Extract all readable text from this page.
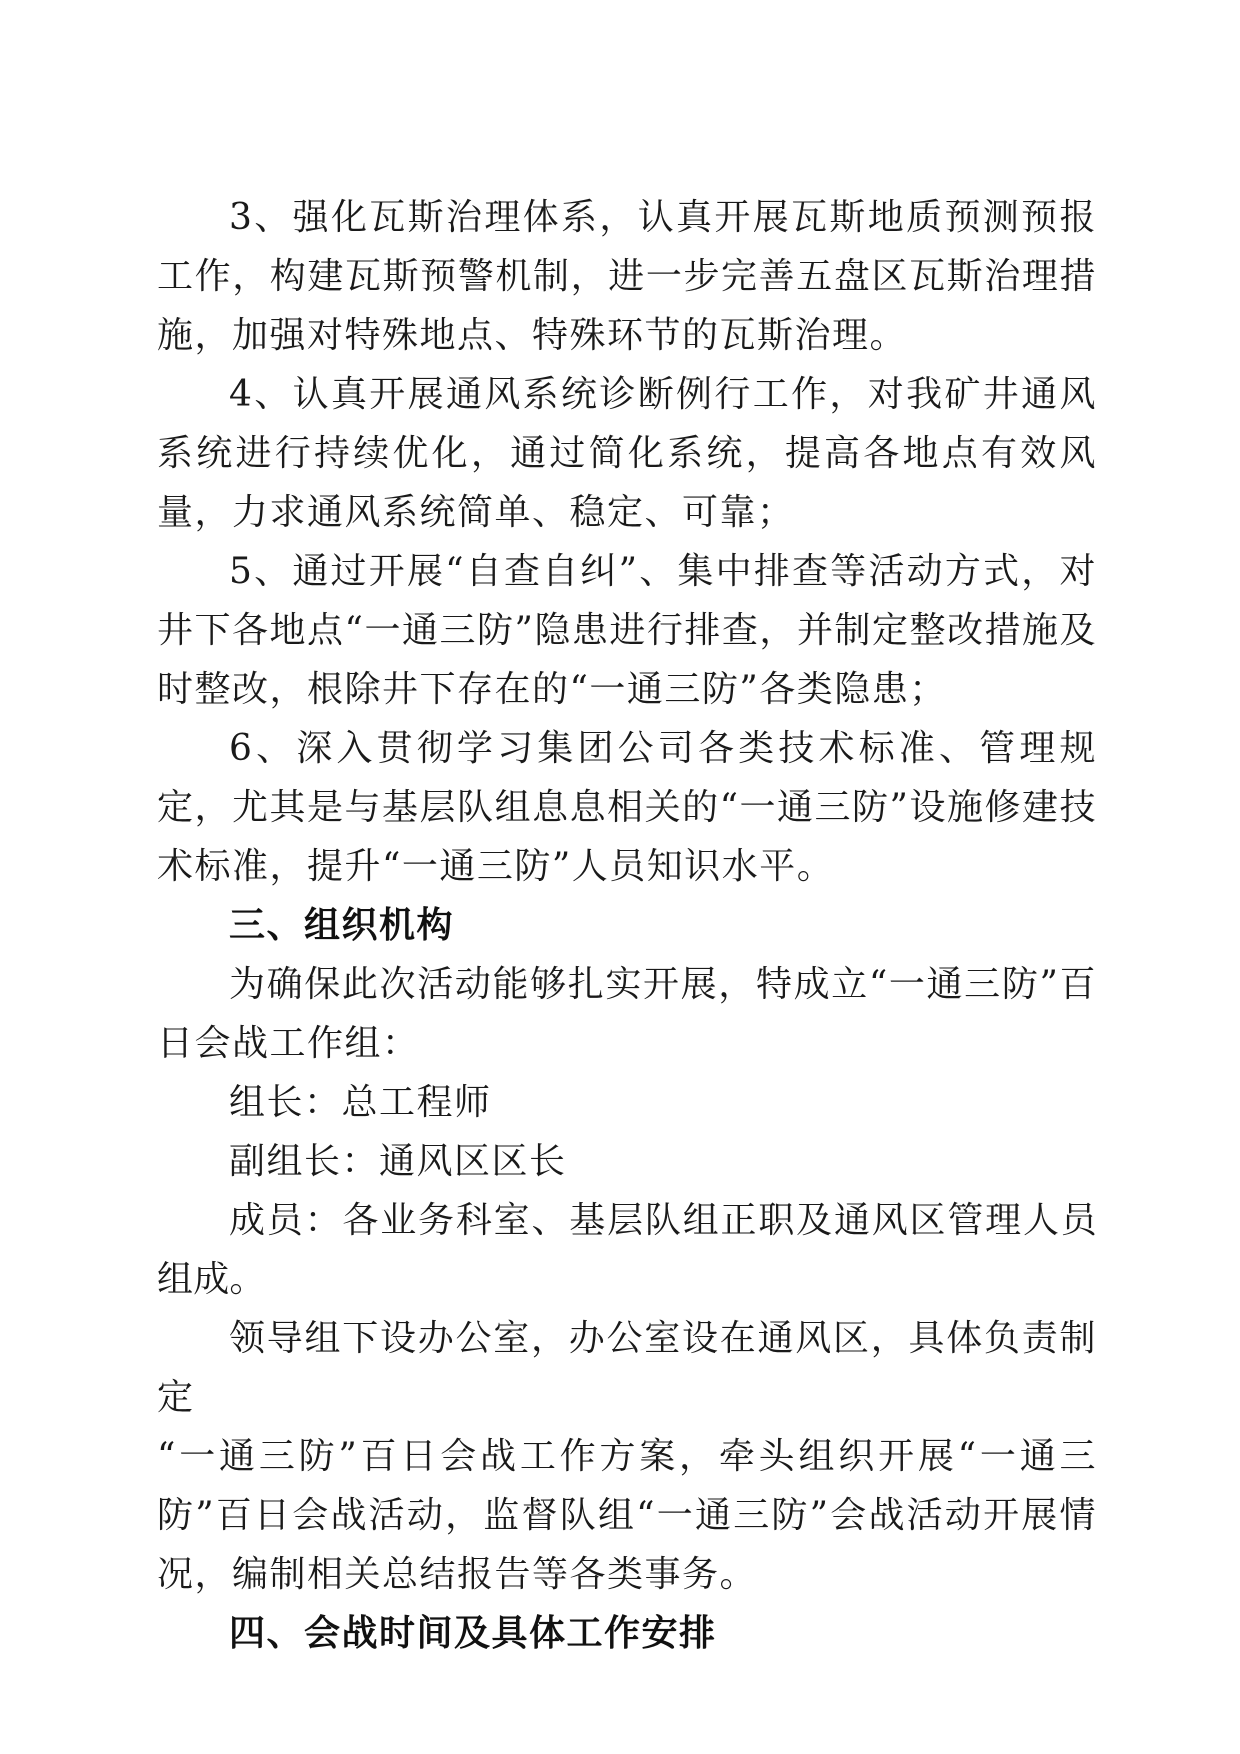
3、强化瓦斯治理体系，认真开展瓦斯地质预测预报工作，构建瓦斯预警机制，进一步完善五盘区瓦斯治理措施，加强对特殊地点、特殊环节的瓦斯治理。

4、认真开展通风系统诊断例行工作，对我矿井通风系统进行持续优化，通过简化系统，提高各地点有效风量，力求通风系统简单、稳定、可靠；

5、通过开展“自查自纠”、集中排查等活动方式，对井下各地点“一通三防”隐患进行排查，并制定整改措施及时整改，根除井下存在的“一通三防”各类隐患；

6、深入贯彻学习集团公司各类技术标准、管理规定，尤其是与基层队组息息相关的“一通三防”设施修建技术标准，提升“一通三防”人员知识水平。

三、组织机构

为确保此次活动能够扎实开展，特成立“一通三防”百日会战工作组：

组长：总工程师

副组长：通风区区长

成员：各业务科室、基层队组正职及通风区管理人员组成。

领导组下设办公室，办公室设在通风区，具体负责制定

“一通三防”百日会战工作方案，牵头组织开展“一通三防”百日会战活动，监督队组“一通三防”会战活动开展情况，编制相关总结报告等各类事务。

四、会战时间及具体工作安排
